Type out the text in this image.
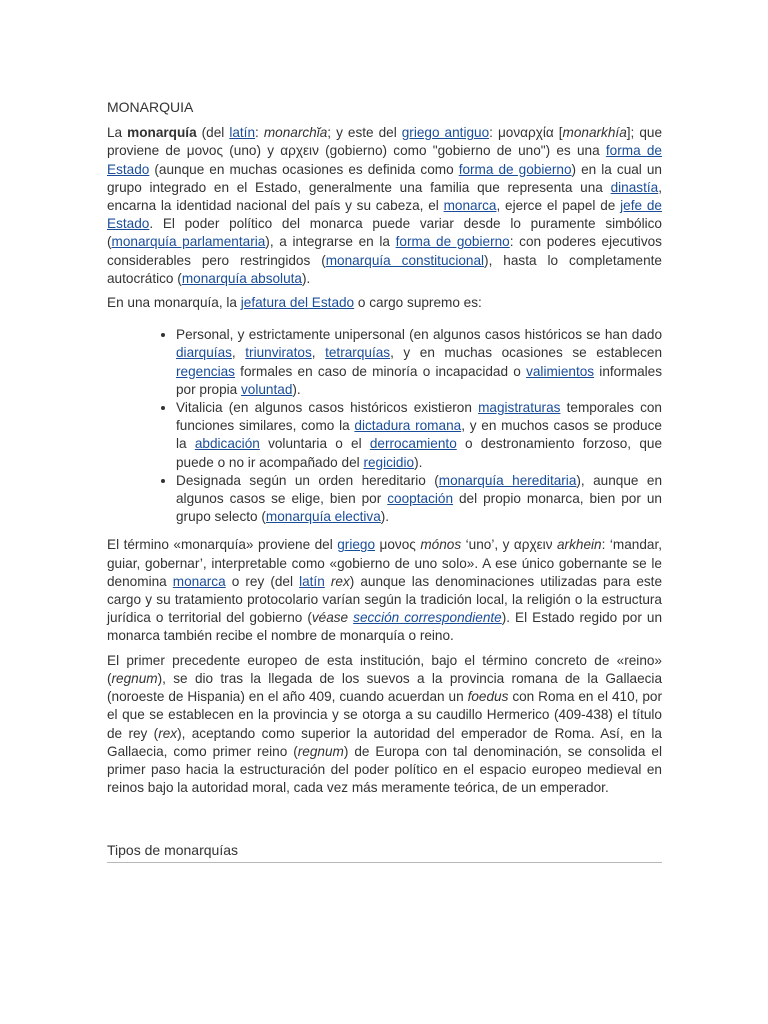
MONARQUIA

La monarquía (del latín: monarchĭa; y este del griego antiguo: μοναρχία [monarkhía]; que proviene de μονος (uno) y αρχειν (gobierno) como "gobierno de uno") es una forma de Estado (aunque en muchas ocasiones es definida como forma de gobierno) en la cual un grupo integrado en el Estado, generalmente una familia que representa una dinastía, encarna la identidad nacional del país y su cabeza, el monarca, ejerce el papel de jefe de Estado. El poder político del monarca puede variar desde lo puramente simbólico (monarquía parlamentaria), a integrarse en la forma de gobierno: con poderes ejecutivos considerables pero restringidos (monarquía constitucional), hasta lo completamente autocrático (monarquía absoluta).

En una monarquía, la jefatura del Estado o cargo supremo es:

• Personal, y estrictamente unipersonal (en algunos casos históricos se han dado diarquías, triunviratos, tetrarquías, y en muchas ocasiones se establecen regencias formales en caso de minoría o incapacidad o valimientos informales por propia voluntad).
• Vitalicia (en algunos casos históricos existieron magistraturas temporales con funciones similares, como la dictadura romana, y en muchos casos se produce la abdicación voluntaria o el derrocamiento o destronamiento forzoso, que puede o no ir acompañado del regicidio).
• Designada según un orden hereditario (monarquía hereditaria), aunque en algunos casos se elige, bien por cooptación del propio monarca, bien por un grupo selecto (monarquía electiva).

El término «monarquía» proviene del griego μονος mónos ‘uno’, y αρχειν arkhein: ‘mandar, guiar, gobernar’, interpretable como «gobierno de uno solo». A ese único gobernante se le denomina monarca o rey (del latín rex) aunque las denominaciones utilizadas para este cargo y su tratamiento protocolario varían según la tradición local, la religión o la estructura jurídica o territorial del gobierno (véase sección correspondiente). El Estado regido por un monarca también recibe el nombre de monarquía o reino.

El primer precedente europeo de esta institución, bajo el término concreto de «reino» (regnum), se dio tras la llegada de los suevos a la provincia romana de la Gallaecia (noroeste de Hispania) en el año 409, cuando acuerdan un foedus con Roma en el 410, por el que se establecen en la provincia y se otorga a su caudillo Hermerico (409-438) el título de rey (rex), aceptando como superior la autoridad del emperador de Roma. Así, en la Gallaecia, como primer reino (regnum) de Europa con tal denominación, se consolida el primer paso hacia la estructuración del poder político en el espacio europeo medieval en reinos bajo la autoridad moral, cada vez más meramente teórica, de un emperador.

Tipos de monarquías
